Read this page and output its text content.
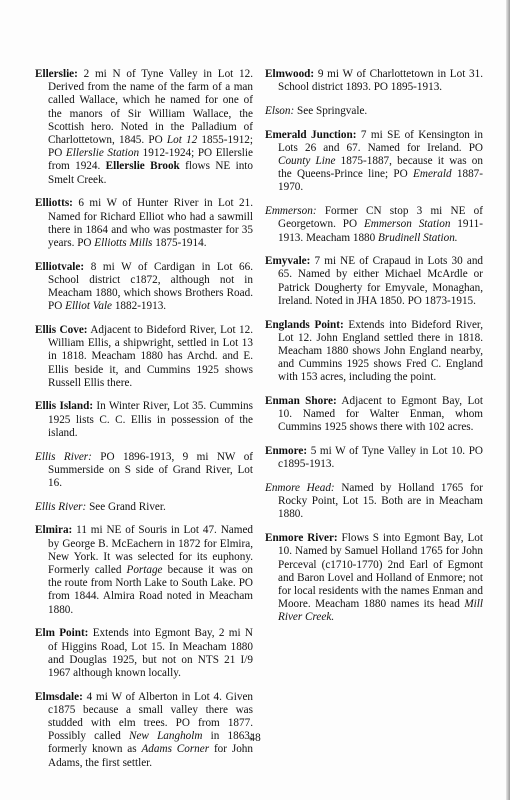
Ellerslie: 2 mi N of Tyne Valley in Lot 12. Derived from the name of the farm of a man called Wallace, which he named for one of the manors of Sir William Wallace, the Scottish hero. Noted in the Palladium of Charlottetown, 1845. PO Lot 12 1855-1912; PO Ellerslie Station 1912-1924; PO Ellerslie from 1924. Ellerslie Brook flows NE into Smelt Creek.

Elliotts: 6 mi W of Hunter River in Lot 21. Named for Richard Elliot who had a sawmill there in 1864 and who was postmaster for 35 years. PO Elliotts Mills 1875-1914.

Elliotvale: 8 mi W of Cardigan in Lot 66. School district c1872, although not in Meacham 1880, which shows Brothers Road. PO Elliot Vale 1882-1913.

Ellis Cove: Adjacent to Bideford River, Lot 12. William Ellis, a shipwright, settled in Lot 13 in 1818. Meacham 1880 has Archd. and E. Ellis beside it, and Cummins 1925 shows Russell Ellis there.

Ellis Island: In Winter River, Lot 35. Cummins 1925 lists C. C. Ellis in possession of the island.

Ellis River: PO 1896-1913, 9 mi NW of Summerside on S side of Grand River, Lot 16.

Ellis River: See Grand River.

Elmira: 11 mi NE of Souris in Lot 47. Named by George B. McEachern in 1872 for Elmira, New York. It was selected for its euphony. Formerly called Portage because it was on the route from North Lake to South Lake. PO from 1844. Almira Road noted in Meacham 1880.

Elm Point: Extends into Egmont Bay, 2 mi N of Higgins Road, Lot 15. In Meacham 1880 and Douglas 1925, but not on NTS 21 I/9 1967 although known locally.

Elmsdale: 4 mi W of Alberton in Lot 4. Given c1875 because a small valley there was studded with elm trees. PO from 1877. Possibly called New Langholm in 1863; formerly known as Adams Corner for John Adams, the first settler.

Elmwood: 9 mi W of Charlottetown in Lot 31. School district 1893. PO 1895-1913.

Elson: See Springvale.

Emerald Junction: 7 mi SE of Kensington in Lots 26 and 67. Named for Ireland. PO County Line 1875-1887, because it was on the Queens-Prince line; PO Emerald 1887-1970.

Emmerson: Former CN stop 3 mi NE of Georgetown. PO Emmerson Station 1911-1913. Meacham 1880 Brudinell Station.

Emyvale: 7 mi NE of Crapaud in Lots 30 and 65. Named by either Michael McArdle or Patrick Dougherty for Emyvale, Monaghan, Ireland. Noted in JHA 1850. PO 1873-1915.

Englands Point: Extends into Bideford River, Lot 12. John England settled there in 1818. Meacham 1880 shows John England nearby, and Cummins 1925 shows Fred C. England with 153 acres, including the point.

Enman Shore: Adjacent to Egmont Bay, Lot 10. Named for Walter Enman, whom Cummins 1925 shows there with 102 acres.

Enmore: 5 mi W of Tyne Valley in Lot 10. PO c1895-1913.

Enmore Head: Named by Holland 1765 for Rocky Point, Lot 15. Both are in Meacham 1880.

Enmore River: Flows S into Egmont Bay, Lot 10. Named by Samuel Holland 1765 for John Perceval (c1710-1770) 2nd Earl of Egmont and Baron Lovel and Holland of Enmore; not for local residents with the names Enman and Moore. Meacham 1880 names its head Mill River Creek.

48
